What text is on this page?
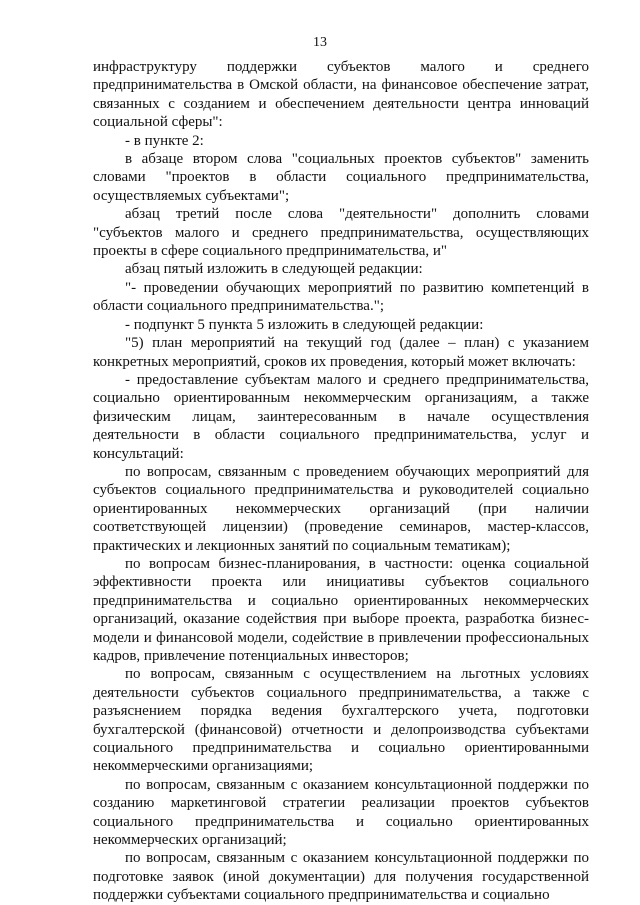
13

инфраструктуру поддержки субъектов малого и среднего предпринимательства в Омской области, на финансовое обеспечение затрат, связанных с созданием и обеспечением деятельности центра инноваций социальной сферы":

- в пункте 2:

в абзаце втором слова "социальных проектов субъектов" заменить словами "проектов в области социального предпринимательства, осуществляемых субъектами";

абзац третий после слова "деятельности" дополнить словами "субъектов малого и среднего предпринимательства, осуществляющих проекты в сфере социального предпринимательства, и"

абзац пятый изложить в следующей редакции:

"- проведении обучающих мероприятий по развитию компетенций в области социального предпринимательства.";

- подпункт 5 пункта 5 изложить в следующей редакции:

"5) план мероприятий на текущий год (далее – план) с указанием конкретных мероприятий, сроков их проведения, который может включать:

- предоставление субъектам малого и среднего предпринимательства, социально ориентированным некоммерческим организациям, а также физическим лицам, заинтересованным в начале осуществления деятельности в области социального предпринимательства, услуг и консультаций:

по вопросам, связанным с проведением обучающих мероприятий для субъектов социального предпринимательства и руководителей социально ориентированных некоммерческих организаций (при наличии соответствующей лицензии) (проведение семинаров, мастер-классов, практических и лекционных занятий по социальным тематикам);

по вопросам бизнес-планирования, в частности: оценка социальной эффективности проекта или инициативы субъектов социального предпринимательства и социально ориентированных некоммерческих организаций, оказание содействия при выборе проекта, разработка бизнес-модели и финансовой модели, содействие в привлечении профессиональных кадров, привлечение потенциальных инвесторов;

по вопросам, связанным с осуществлением на льготных условиях деятельности субъектов социального предпринимательства, а также с разъяснением порядка ведения бухгалтерского учета, подготовки бухгалтерской (финансовой) отчетности и делопроизводства субъектами социального предпринимательства и социально ориентированными некоммерческими организациями;

по вопросам, связанным с оказанием консультационной поддержки по созданию маркетинговой стратегии реализации проектов субъектов социального предпринимательства и социально ориентированных некоммерческих организаций;

по вопросам, связанным с оказанием консультационной поддержки по подготовке заявок (иной документации) для получения государственной поддержки субъектами социального предпринимательства и социально
